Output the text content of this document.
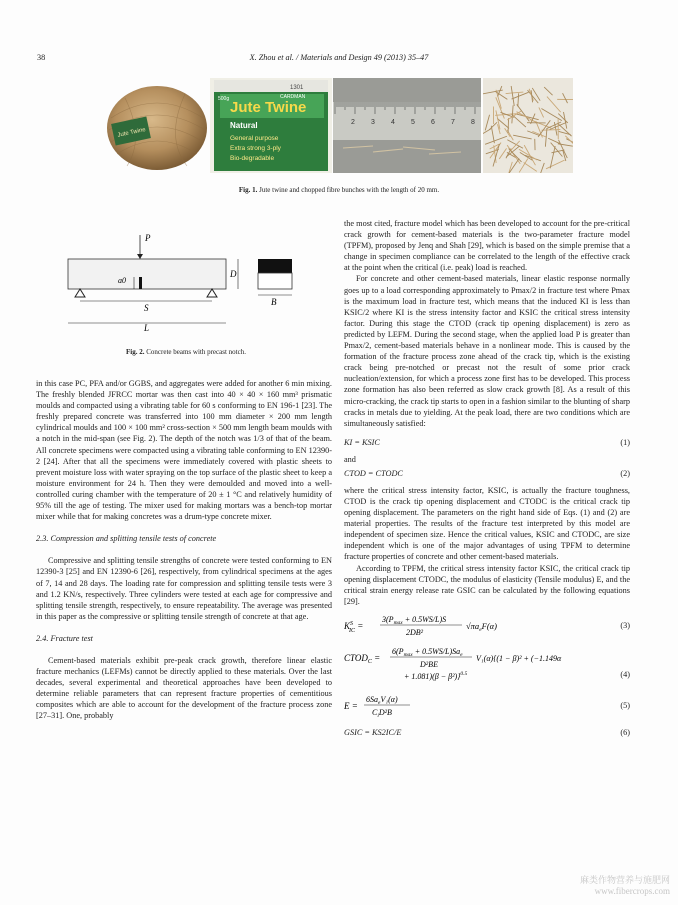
38	X. Zhou et al. / Materials and Design 49 (2013) 35–47
Jute Twine
1301
Jute Twine
CARDMAN
500g
Natural
General purpose
Extra strong 3-ply
Bio-degradable
2 3 4 5 6 7 8
Fig. 1. Jute twine and chopped fibre bunches with the length of 20 mm.
P
a0
D
S
L
B
Fig. 2. Concrete beams with precast notch.

in this case PC, PFA and/or GGBS, and aggregates were added for another 6 min mixing. The freshly blended JFRCC mortar was then cast into 40 × 40 × 160 mm³ prismatic moulds and compacted using a vibrating table for 60 s conforming to EN 196-1 [23]. The freshly prepared concrete was transferred into 100 mm diameter × 200 mm length cylindrical moulds and 100 × 100 mm² cross-section × 500 mm length beam moulds with a notch in the mid-span (see Fig. 2). The depth of the notch was 1/3 of that of the beam. All concrete specimens were compacted using a vibrating table conforming to EN 12390-2 [24]. After that all the specimens were immediately covered with plastic sheets to prevent moisture loss with water spraying on the top surface of the plastic sheet to keep a moisture environment for 24 h. Then they were demoulded and moved into a well-controlled curing chamber with the temperature of 20 ± 1 °C and relatively humidity of 95% till the age of testing. The mixer used for making mortars was a bench-top mortar mixer while that for making concretes was a drum-type concrete mixer.

2.3. Compression and splitting tensile tests of concrete

Compressive and splitting tensile strengths of concrete were tested conforming to EN 12390-3 [25] and EN 12390-6 [26], respectively, from cylindrical specimens at the ages of 7, 14 and 28 days. The loading rate for compression and splitting tensile tests were 3 and 1.2 KN/s, respectively. Three cylinders were tested at each age for compressive and splitting tensile strength, respectively, to ensure repeatability. The average was presented in this paper as the compressive or splitting tensile strength of concrete at that age.

2.4. Fracture test

Cement-based materials exhibit pre-peak crack growth, therefore linear elastic fracture mechanics (LEFMs) cannot be directly applied to these materials. Over the last decades, several experimental and theoretical approaches have been developed to determine reliable parameters that can represent fracture properties of cementitious composites which are able to account for the development of the fracture process zone [27–31]. One, probably

the most cited, fracture model which has been developed to account for the pre-critical crack growth for cement-based materials is the two-parameter fracture model (TPFM), proposed by Jenq and Shah [29], which is based on the simple premise that a change in specimen compliance can be correlated to the length of the effective crack at the point when the critical (i.e. peak) load is reached.

For concrete and other cement-based materials, linear elastic response normally goes up to a load corresponding approximately to Pmax/2 in fracture test where Pmax is the maximum load in fracture test, which means that the induced KI is less than KSIC/2 where KI is the stress intensity factor and KSIC the critical stress intensity factor. During this stage the CTOD (crack tip opening displacement) is zero as predicted by LEFM. During the second stage, when the applied load P is greater than Pmax/2, cement-based materials behave in a nonlinear mode. This is caused by the formation of the fracture process zone ahead of the crack tip, which is the existing crack being pre-notched or precast not the result of some prior crack nucleation/extension, for which a process zone first has to be developed. This process zone formation has also been referred as slow crack growth [8]. As a result of this micro-cracking, the crack tip starts to open in a fashion similar to the blunting of sharp cracks in metals due to yielding. At the peak load, there are two conditions which are simultaneously satisfied:

KI = KSIC	(1)

and

CTOD = CTODC	(2)

where the critical stress intensity factor, KSIC, is actually the fracture toughness, CTOD is the crack tip opening displacement and CTODC is the critical crack tip opening displacement. The parameters on the right hand side of Eqs. (1) and (2) are material properties. The results of the fracture test interpreted by this model are independent of specimen size. Hence the critical values, KSIC and CTODC, are size independent which is one of the major advantages of using TPFM to determine fracture properties of concrete and other cement-based materials.

According to TPFM, the critical stress intensity factor KSIC, the critical crack tip opening displacement CTODC, the modulus of elasticity (Tensile modulus) E, and the critical strain energy release rate GSIC can be calculated by the following equations [29].

$K^S$ IC =
$3(P_{max} + 0.5WS/L)S$
2DB²
$√\pi a_eF(\alpha)$	(3)
$CTOD_C$ =
$6(P_{max} + 0.5WS/L)Sa_e$
D²BE
V₁(α){(1 − β)² + (−1.149α
+ 1.081)(β − β²)}$^{0.5}$	(4)
E =
$6Sa_eV_1(\alpha)$
$C_iD^2B$
(5)
GSIC = KS2IC/E	(6)
麻类作物营养与施肥网
www.fibercrops.com
